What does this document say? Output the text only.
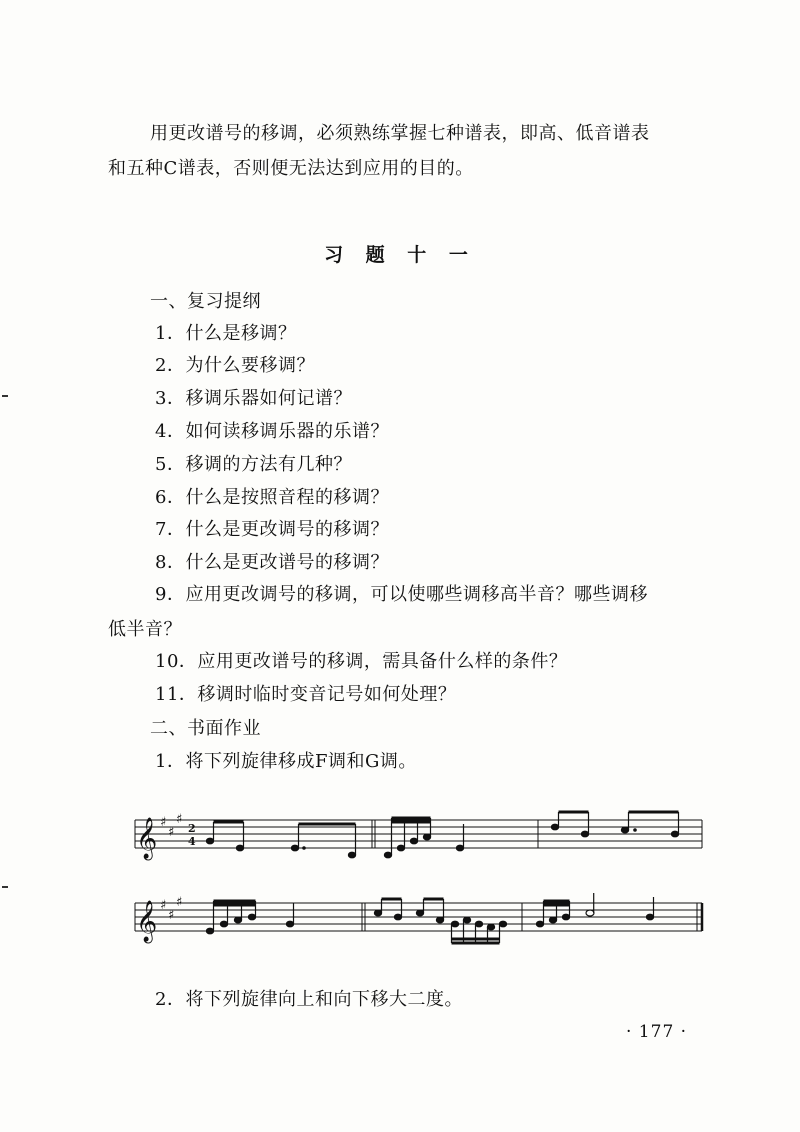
用更改谱号的移调，必须熟练掌握七种谱表，即高、低音谱表
和五种C谱表，否则便无法达到应用的目的。
习 题 十 一
一、复习提纲
1．什么是移调？
2．为什么要移调？
3．移调乐器如何记谱？
4．如何读移调乐器的乐谱？
5．移调的方法有几种？
6．什么是按照音程的移调？
7．什么是更改调号的移调？
8．什么是更改谱号的移调？
9．应用更改调号的移调，可以使哪些调移高半音？哪些调移
低半音？
10．应用更改谱号的移调，需具备什么样的条件？
11．移调时临时变音记号如何处理？
二、书面作业
1．将下列旋律移成F调和G调。
𝄞 ♯
♯
♯
2
4
𝄞 ♯
♯
♯
2．将下列旋律向上和向下移大二度。
· 177 ·
